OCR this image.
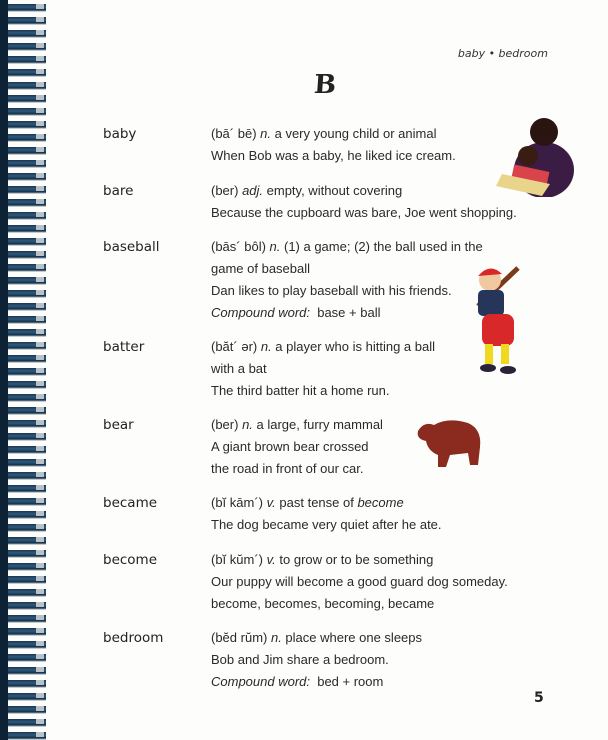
baby • bedroom
B
baby	(bā´ bē) n. a very young child or animal
When Bob was a baby, he liked ice cream.
bare	(ber) adj. empty, without covering
Because the cupboard was bare, Joe went shopping.
baseball	(bās´ bôl) n. (1) a game; (2) the ball used in the
game of baseball
Dan likes to play baseball with his friends.
Compound word:  base + ball
batter	(băt´ ər) n. a player who is hitting a ball
with a bat
The third batter hit a home run.
bear	(ber) n. a large, furry mammal
A giant brown bear crossed
the road in front of our car.
became	(bĭ kām´) v. past tense of become
The dog became very quiet after he ate.
become	(bĭ kŭm´) v. to grow or to be something
Our puppy will become a good guard dog someday.
become, becomes, becoming, became
bedroom	(bĕd rŭm) n. place where one sleeps
Bob and Jim share a bedroom.
Compound word:  bed + room
5
